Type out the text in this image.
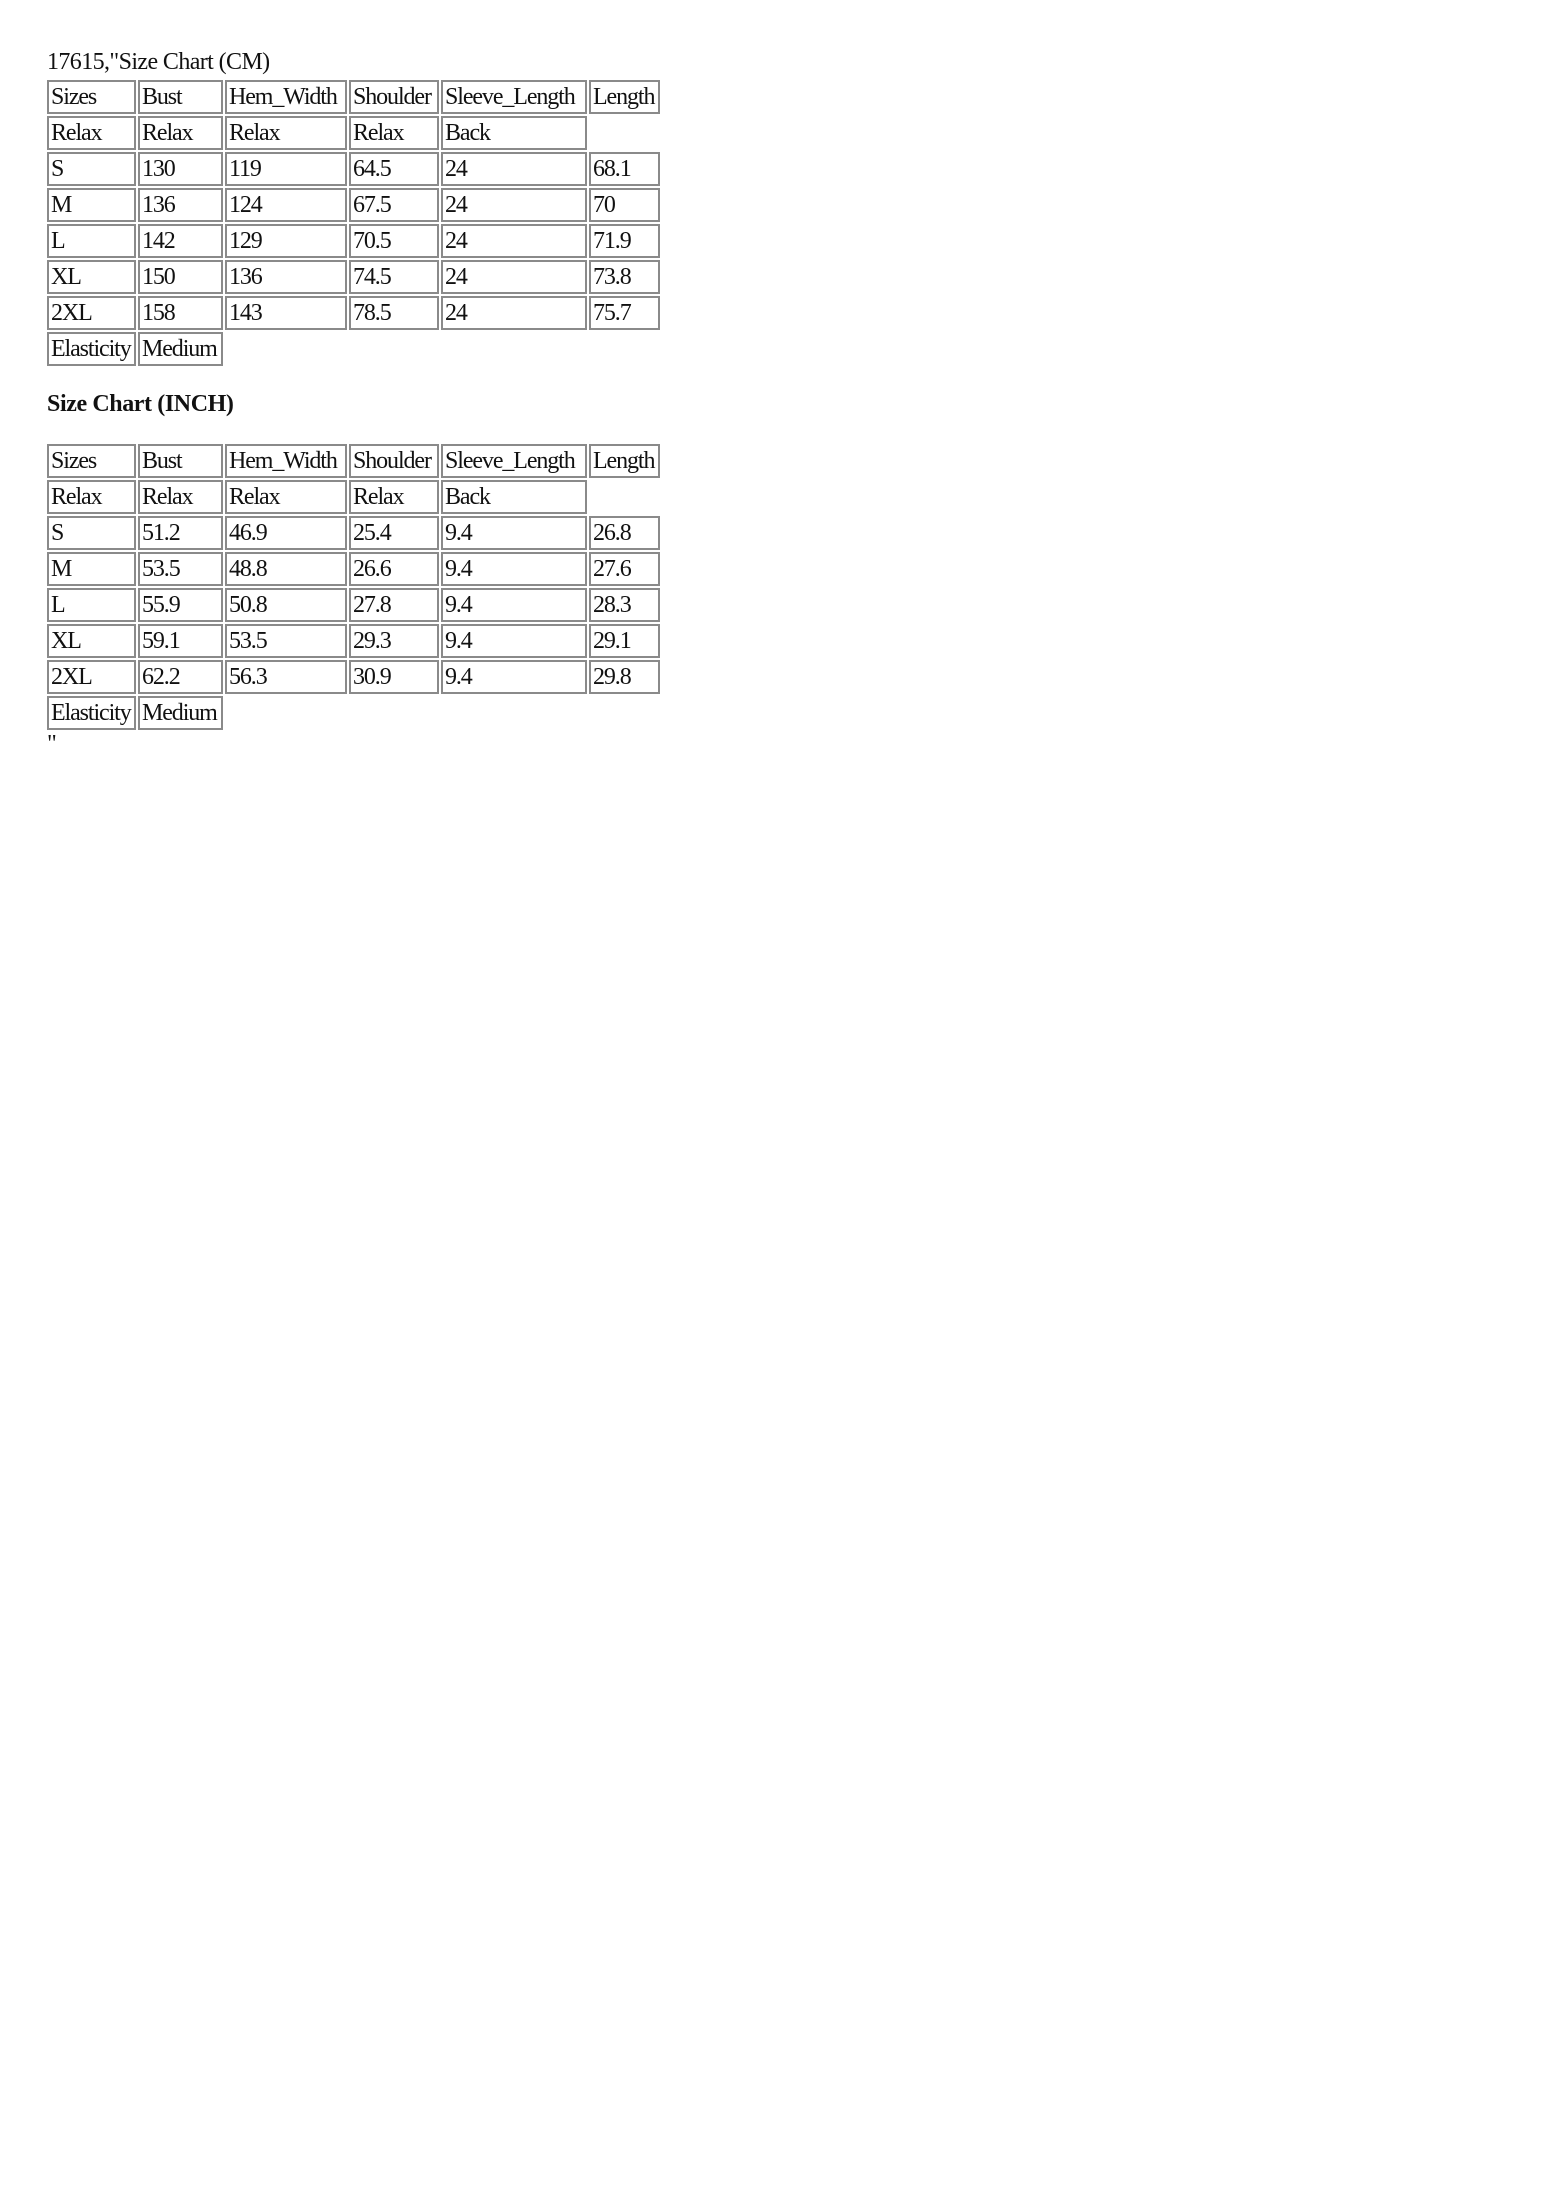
17615,"Size Chart (CM)
Sizes	Bust	Hem_Width	Shoulder	Sleeve_Length	Length
Relax	Relax	Relax	Relax	Back	
S	130	119	64.5	24	68.1
M	136	124	67.5	24	70
L	142	129	70.5	24	71.9
XL	150	136	74.5	24	73.8
2XL	158	143	78.5	24	75.7
Elasticity	Medium				
Size Chart (INCH)
Sizes	Bust	Hem_Width	Shoulder	Sleeve_Length	Length
Relax	Relax	Relax	Relax	Back	
S	51.2	46.9	25.4	9.4	26.8
M	53.5	48.8	26.6	9.4	27.6
L	55.9	50.8	27.8	9.4	28.3
XL	59.1	53.5	29.3	9.4	29.1
2XL	62.2	56.3	30.9	9.4	29.8
Elasticity	Medium				
"
